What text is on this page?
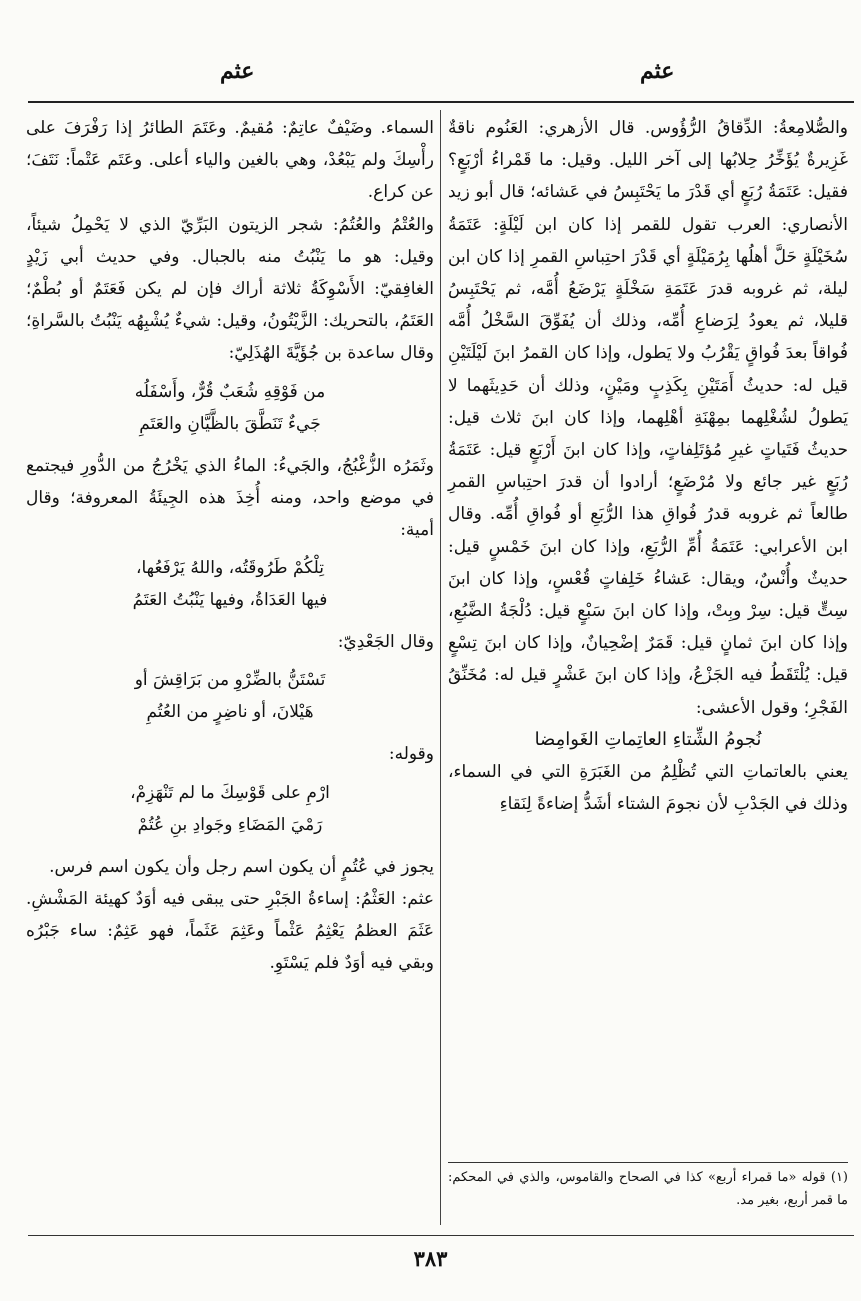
عثم
عثم

والصُّلامِعةُ: الدِّقاقُ الرُّؤُوس. قال الأزهري: العَنُوم ناقةٌ غَزِيرةٌ يُؤَخِّرُ حِلابُها إلى آخر الليل. وقيل: ما قَمْراءُ أرْبَعٍ؟ فقيل: عَتَمَةُ رُبَعٍ أي قَدْرَ ما يَحْتَبِسُ في عَشائه؛ قال أبو زيد الأنصاري: العرب تقول للقمر إذا كان ابن لَيْلَةٍ: عَتَمَةُ سُخَيْلَةٍ حَلَّ أهلُها بِرُمَيْلَةٍ أي قَدْرَ احتِباسِ القمرِ إذا كان ابن ليلة، ثم غروبه قدرَ عَتَمَةِ سَخْلَةٍ يَرْضَعُ أُمَّه، ثم يَحْتَبِسُ قليلا، ثم يعودُ لِرَضاعِ أُمِّه، وذلك أن يُفَوِّقَ السَّخْلُ أُمَّه فُواقاً بعدَ فُواقٍ يَقْرُبُ ولا يَطول، وإذا كان القمرُ ابنَ لَيْلَتَيْنِ قيل له: حديثُ أَمَتَيْنِ بِكَذِبٍ ومَيْنٍ، وذلك أن حَدِيثَهما لا يَطولُ لشُغْلِهما بمِهْنَةِ أهْلِهما، وإذا كان ابنَ ثلاث قيل: حديثُ فَتَياتٍ غيرِ مُؤتَلِفاتٍ، وإذا كان ابنَ أَرْبَعٍ قيل: عَتَمَةُ رُبَعٍ غير جائع ولا مُرْضَعٍ؛ أرادوا أن قدرَ احتِباسِ القمرِ طالعاً ثم غروبه قدرُ فُواقِ هذا الرُّبَعِ أو فُواقِ أُمِّه. وقال ابن الأعرابي: عَتَمَةُ أُمِّ الرُّبَعِ، وإذا كان ابنَ خَمْسٍ قيل: حديثٌ وأُنْسٌ، ويقال: عَشاءُ خَلِفاتٍ قُعْسٍ، وإذا كان ابنَ سِتٍّ قيل: سِرْ وبِتْ، وإذا كان ابنَ سَبْعٍ قيل: دُلْجَةُ الضَّبُعِ، وإذا كان ابنَ ثمانٍ قيل: قَمَرٌ إضْحِيانٌ، وإذا كان ابنَ تِسْعٍ قيل: يُلْتَقَطُ فيه الجَزْعُ، وإذا كان ابنَ عَشْرٍ قيل له: مُخَنِّقُ الفَجْرِ؛ وقول الأعشى:

نُجومُ الشِّتاءِ العاتِماتِ الغَوامِضا

يعني بالعاتماتِ التي تُظْلِمُ من الغَبَرَةِ التي في السماء، وذلك في الجَدْبِ لأن نجومَ الشتاء أشَدُّ إضاءةً لِنَقاءِ

السماء. وضَيْفٌ عاتِمٌ: مُقيمٌ. وعَتَمَ الطائرُ إذا رَفْرَفَ على رأْسِكَ ولم يَبْعُدْ، وهي بالغين والياء أعلى. وعَتَم عَتْماً: نَتَفَ؛ عن كراع.

والعُتْمُ والعُتُمُ: شجر الزيتون البَرِّيّ الذي لا يَحْمِلُ شيئاً، وقيل: هو ما يَنْبُتُ منه بالجبال. وفي حديث أبي زَيْدٍ الغافِقيّ: الأَسْوِكَةُ ثلاثة أراك فإن لم يكن فَعَتَمٌ أو بُطْمٌ؛ العَتَمُ، بالتحريك: الزَّيْتُونُ، وقيل: شيءٌ يُشْبِهُه يَنْبُتُ بالسَّراةِ؛ وقال ساعدة بن جُؤَيَّةَ الهُذَلِيّ:

من فَوْقِهِ شُعَبٌ قُرٌّ، وأَسْفَلُه

جَيءٌ تَنَطَّقَ بالظَّيَّانِ والعَتَمِ

وثَمَرُه الزُّغْبُجُ، والجَيءُ: الماءُ الذي يَخْرُجُ من الدُّورِ فيجتمع في موضع واحد، ومنه أُخِذَ هذه الجِيئَةُ المعروفة؛ وقال أمية:

تِلْكُمْ طَرُوقَتُه، واللهُ يَرْفَعُها،

فيها العَدَاةُ، وفيها يَنْبُتُ العَتَمُ

وقال الجَعْدِيّ:

تَسْتَنُّ بالضِّرْوِ من بَرَاقِشَ أو

هَيْلانَ، أو ناضِرٍ من العُتُمِ

وقوله:

ارْمِ على قَوْسِكَ ما لم تَنْهَزِمْ،

رَمْيَ المَضَاءِ وجَوادِ بنِ عُتُمْ

يجوز في عُتُمٍ أن يكون اسم رجل وأن يكون اسم فرس.

عثم: العَثْمُ: إساءةُ الجَبْرِ حتى يبقى فيه أوَدٌ كهيئة المَشْشِ. عَثَمَ العظمُ يَعْثِمُ عَثْماً وعَثِمَ عَثَماً، فهو عَثِمٌ: ساء جَبْرُه وبقي فيه أوَدٌ فلم يَسْتَوِ.

(١) قوله «ما قمراء أربع» كذا في الصحاح والقاموس، والذي في المحكم: ما قمر أربع، بغير مد.

٣٨٣
